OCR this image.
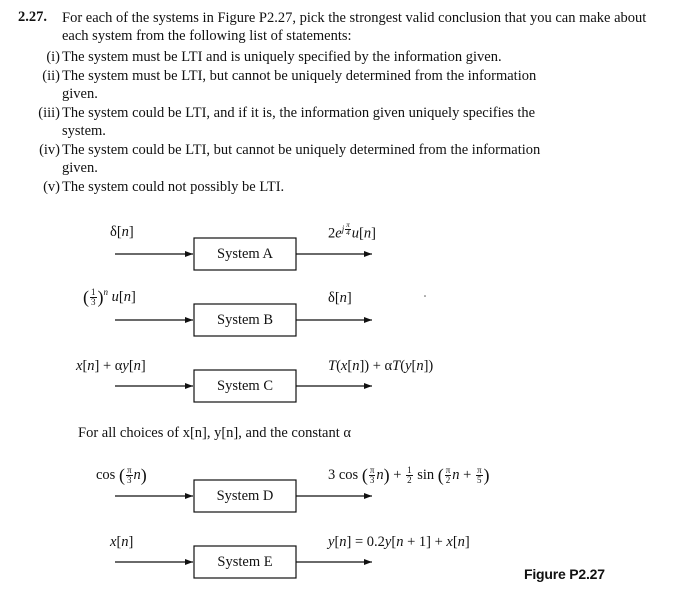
2.27. For each of the systems in Figure P2.27, pick the strongest valid conclusion that you can make about each system from the following list of statements:
(i) The system must be LTI and is uniquely specified by the information given.
(ii) The system must be LTI, but cannot be uniquely determined from the information
given.
(iii) The system could be LTI, and if it is, the information given uniquely specifies the
system.
(iv) The system could be LTI, but cannot be uniquely determined from the information
given.
(v) The system could not possibly be LTI.
System A
System B
System C
System D
System E
δ[n]	$2e^{j \frac{\pi}{4}}$ u[n]
( $\frac{1}{3} )^n$ u[n]	δ[n]
x[n] + αy[n]	T(x[n]) + αT(y[n])
For all choices of x[n], y[n], and the constant α
cos ( $\frac{\pi}{3} n$)	3 cos ( $\frac{\pi}{3} n) + \frac{1}{2}$ sin ( $\frac{\pi}{2}$ $n + \frac{\pi}{5}$ )
x[n]	y[n] = 0.2y[n + 1] + x[n]
Figure P2.27
